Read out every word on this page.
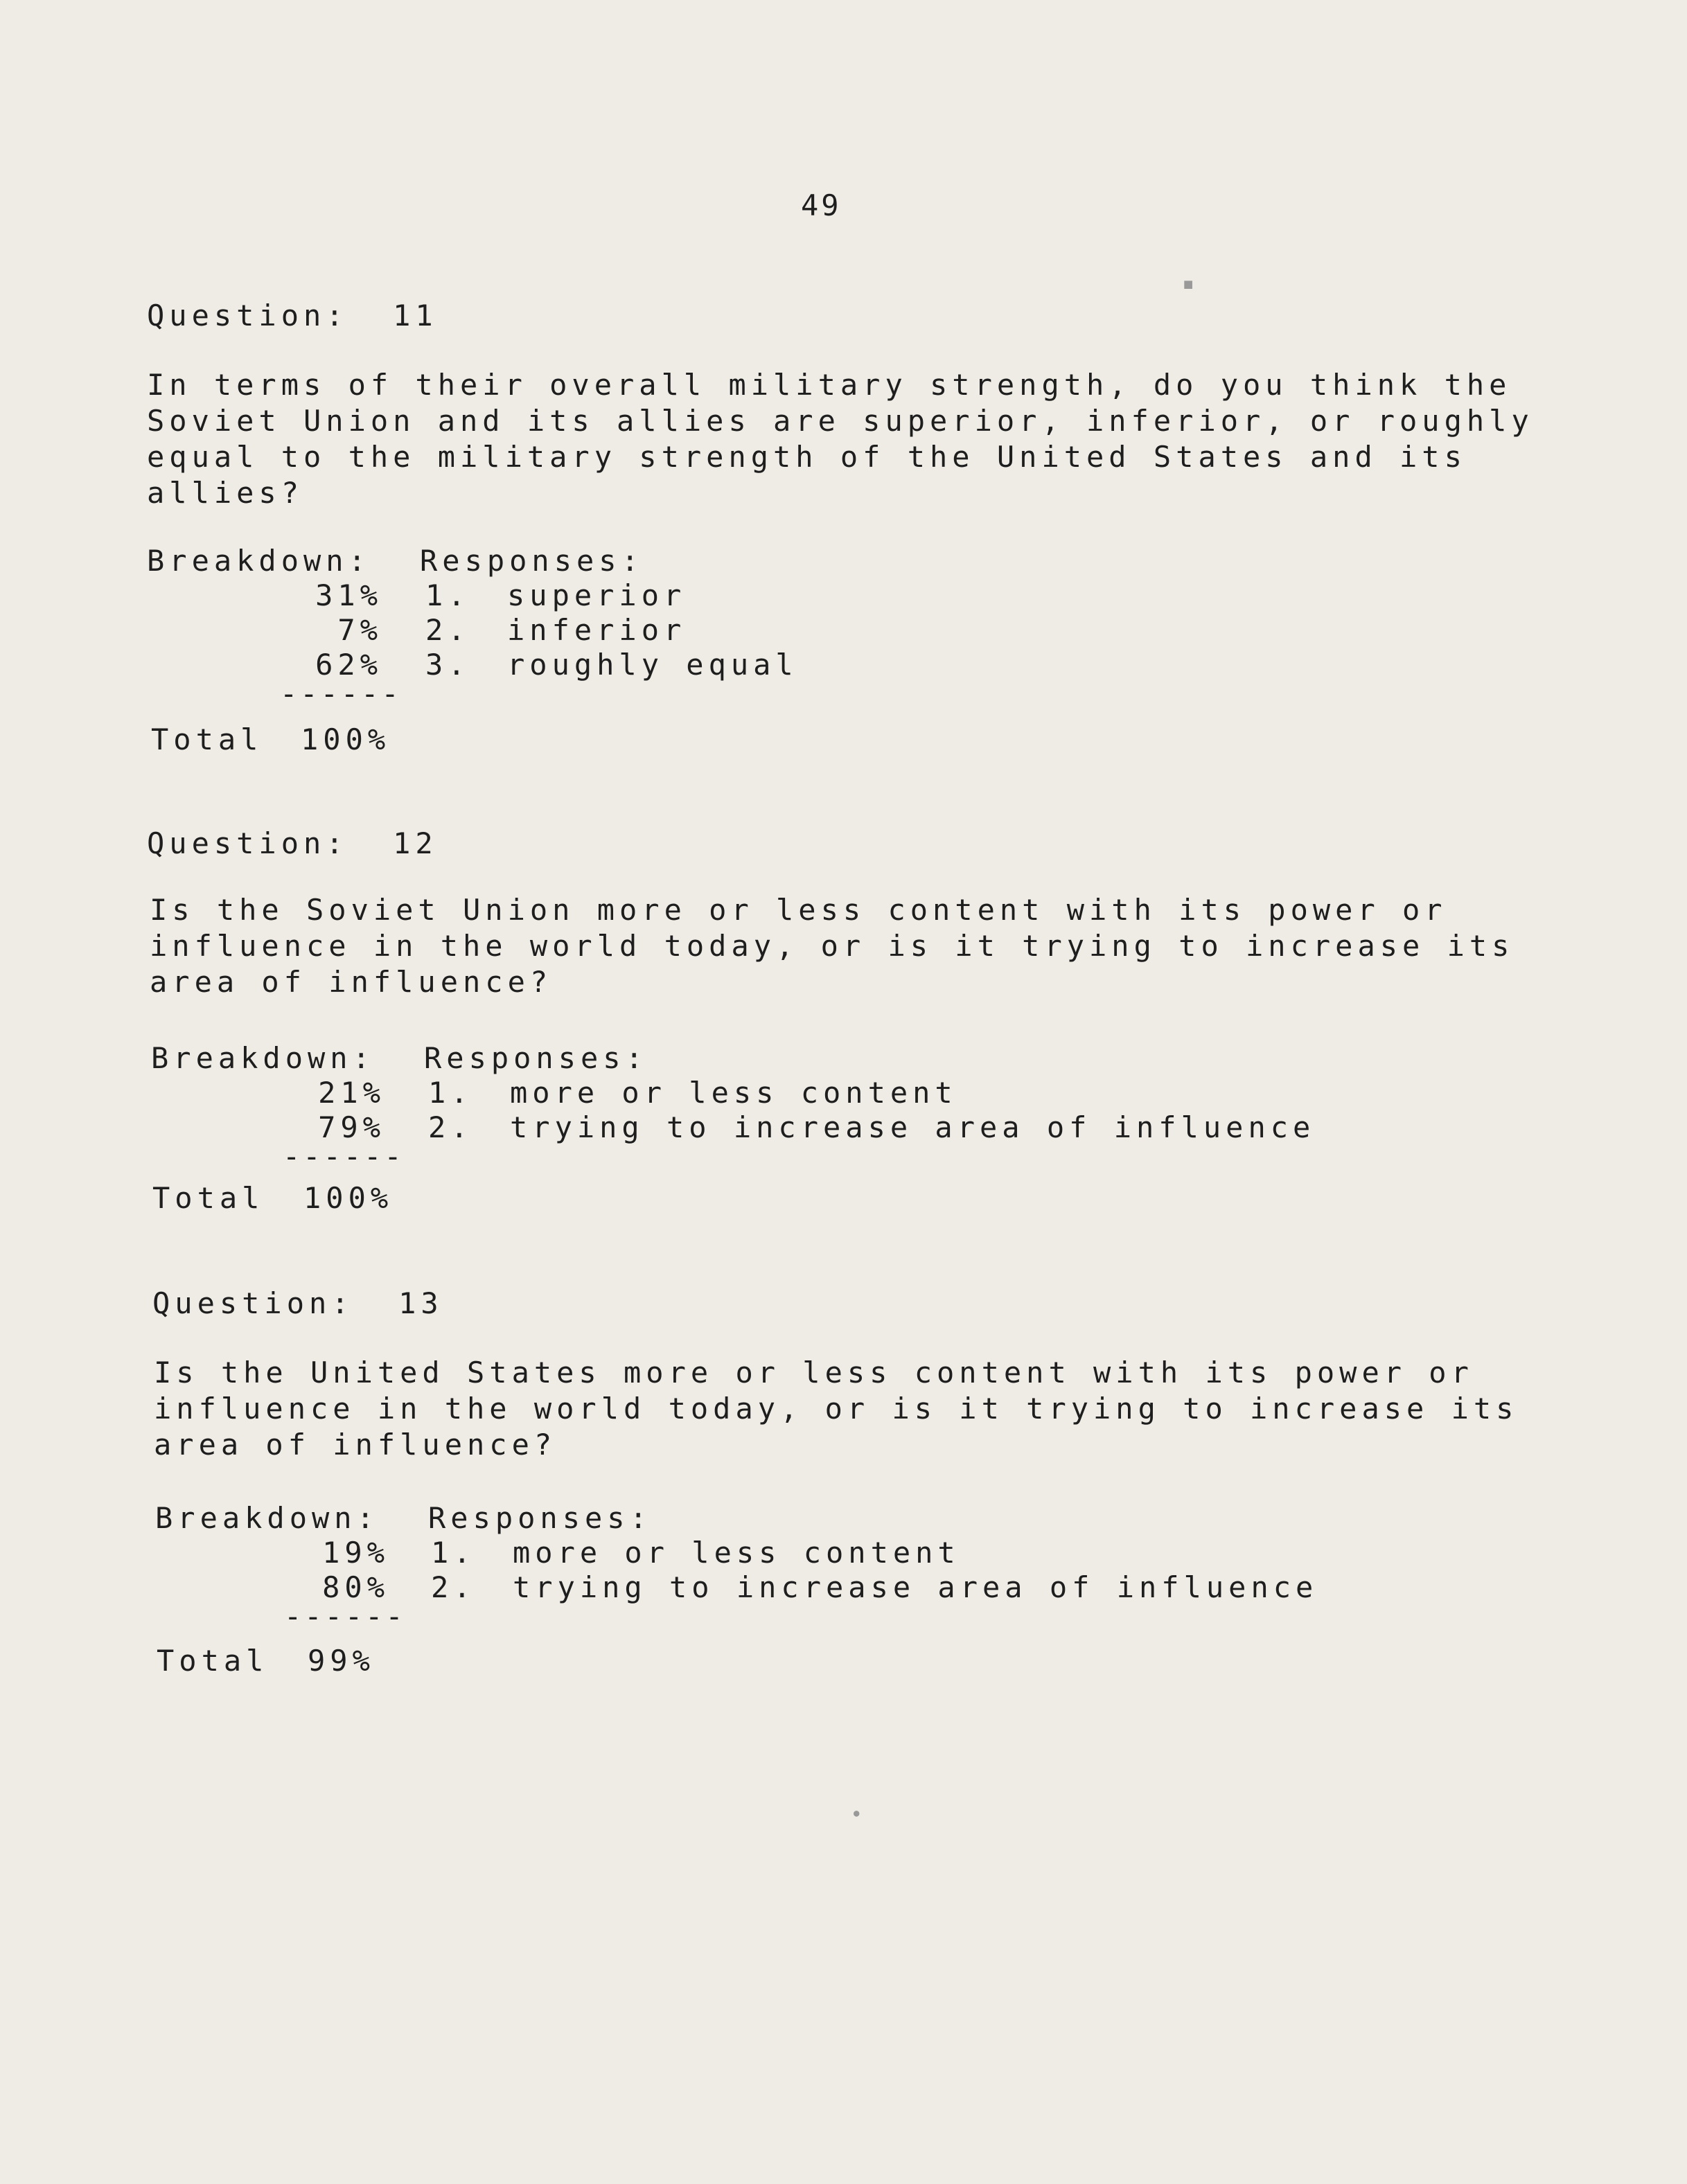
49
Question:  11
In terms of their overall military strength, do you think the
Soviet Union and its allies are superior, inferior, or roughly
equal to the military strength of the United States and its
allies?
Breakdown: Responses:
31% 1. superior
7% 2. inferior
62% 3. roughly equal
------
Total 100%
Question:  12
Is the Soviet Union more or less content with its power or
influence in the world today, or is it trying to increase its
area of influence?
Breakdown: Responses:
21% 1. more or less content
79% 2. trying to increase area of influence
------
Total 100%
Question:  13
Is the United States more or less content with its power or
influence in the world today, or is it trying to increase its
area of influence?
Breakdown: Responses:
19% 1. more or less content
80% 2. trying to increase area of influence
------
Total 99%
▪
●
